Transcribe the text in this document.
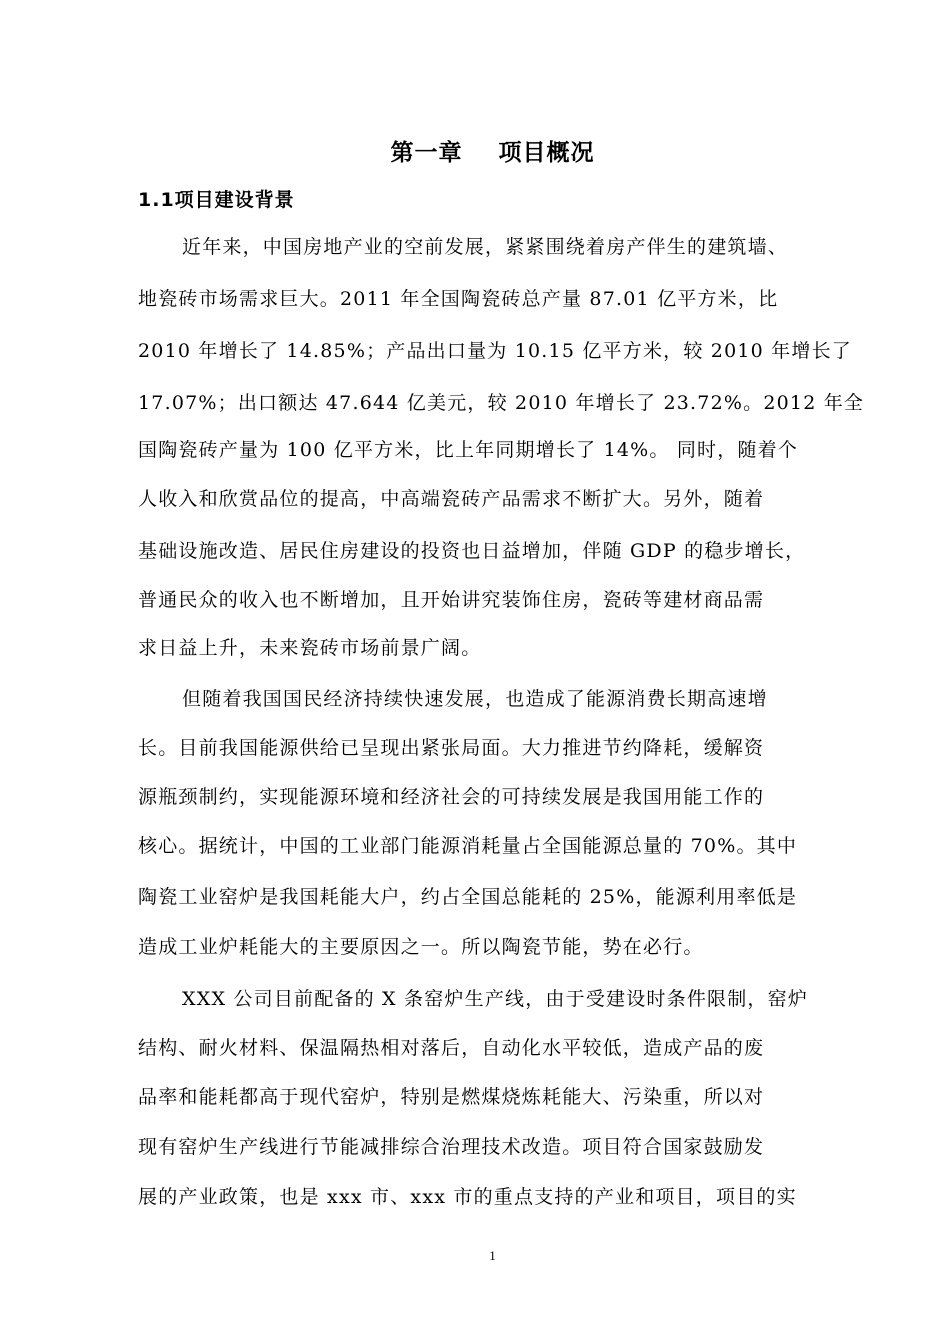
第一章    项目概况
1.1项目建设背景

近年来，中国房地产业的空前发展，紧紧围绕着房产伴生的建筑墙、

地瓷砖市场需求巨大。2011 年全国陶瓷砖总产量 87.01 亿平方米，比

2010 年增长了 14.85%；产品出口量为 10.15 亿平方米，较 2010 年增长了

17.07%；出口额达 47.644 亿美元，较 2010 年增长了 23.72%。2012 年全

国陶瓷砖产量为 100 亿平方米，比上年同期增长了 14%。 同时，随着个

人收入和欣赏品位的提高，中高端瓷砖产品需求不断扩大。另外，随着

基础设施改造、居民住房建设的投资也日益增加，伴随 GDP 的稳步增长，

普通民众的收入也不断增加，且开始讲究装饰住房，瓷砖等建材商品需

求日益上升，未来瓷砖市场前景广阔。

但随着我国国民经济持续快速发展，也造成了能源消费长期高速增

长。目前我国能源供给已呈现出紧张局面。大力推进节约降耗，缓解资

源瓶颈制约，实现能源环境和经济社会的可持续发展是我国用能工作的

核心。据统计，中国的工业部门能源消耗量占全国能源总量的 70%。其中

陶瓷工业窑炉是我国耗能大户，约占全国总能耗的 25%，能源利用率低是

造成工业炉耗能大的主要原因之一。所以陶瓷节能，势在必行。

XXX 公司目前配备的 X 条窑炉生产线，由于受建设时条件限制，窑炉

结构、耐火材料、保温隔热相对落后，自动化水平较低，造成产品的废

品率和能耗都高于现代窑炉，特别是燃煤烧炼耗能大、污染重，所以对

现有窑炉生产线进行节能减排综合治理技术改造。项目符合国家鼓励发

展的产业政策，也是 xxx 市、xxx 市的重点支持的产业和项目，项目的实

1
